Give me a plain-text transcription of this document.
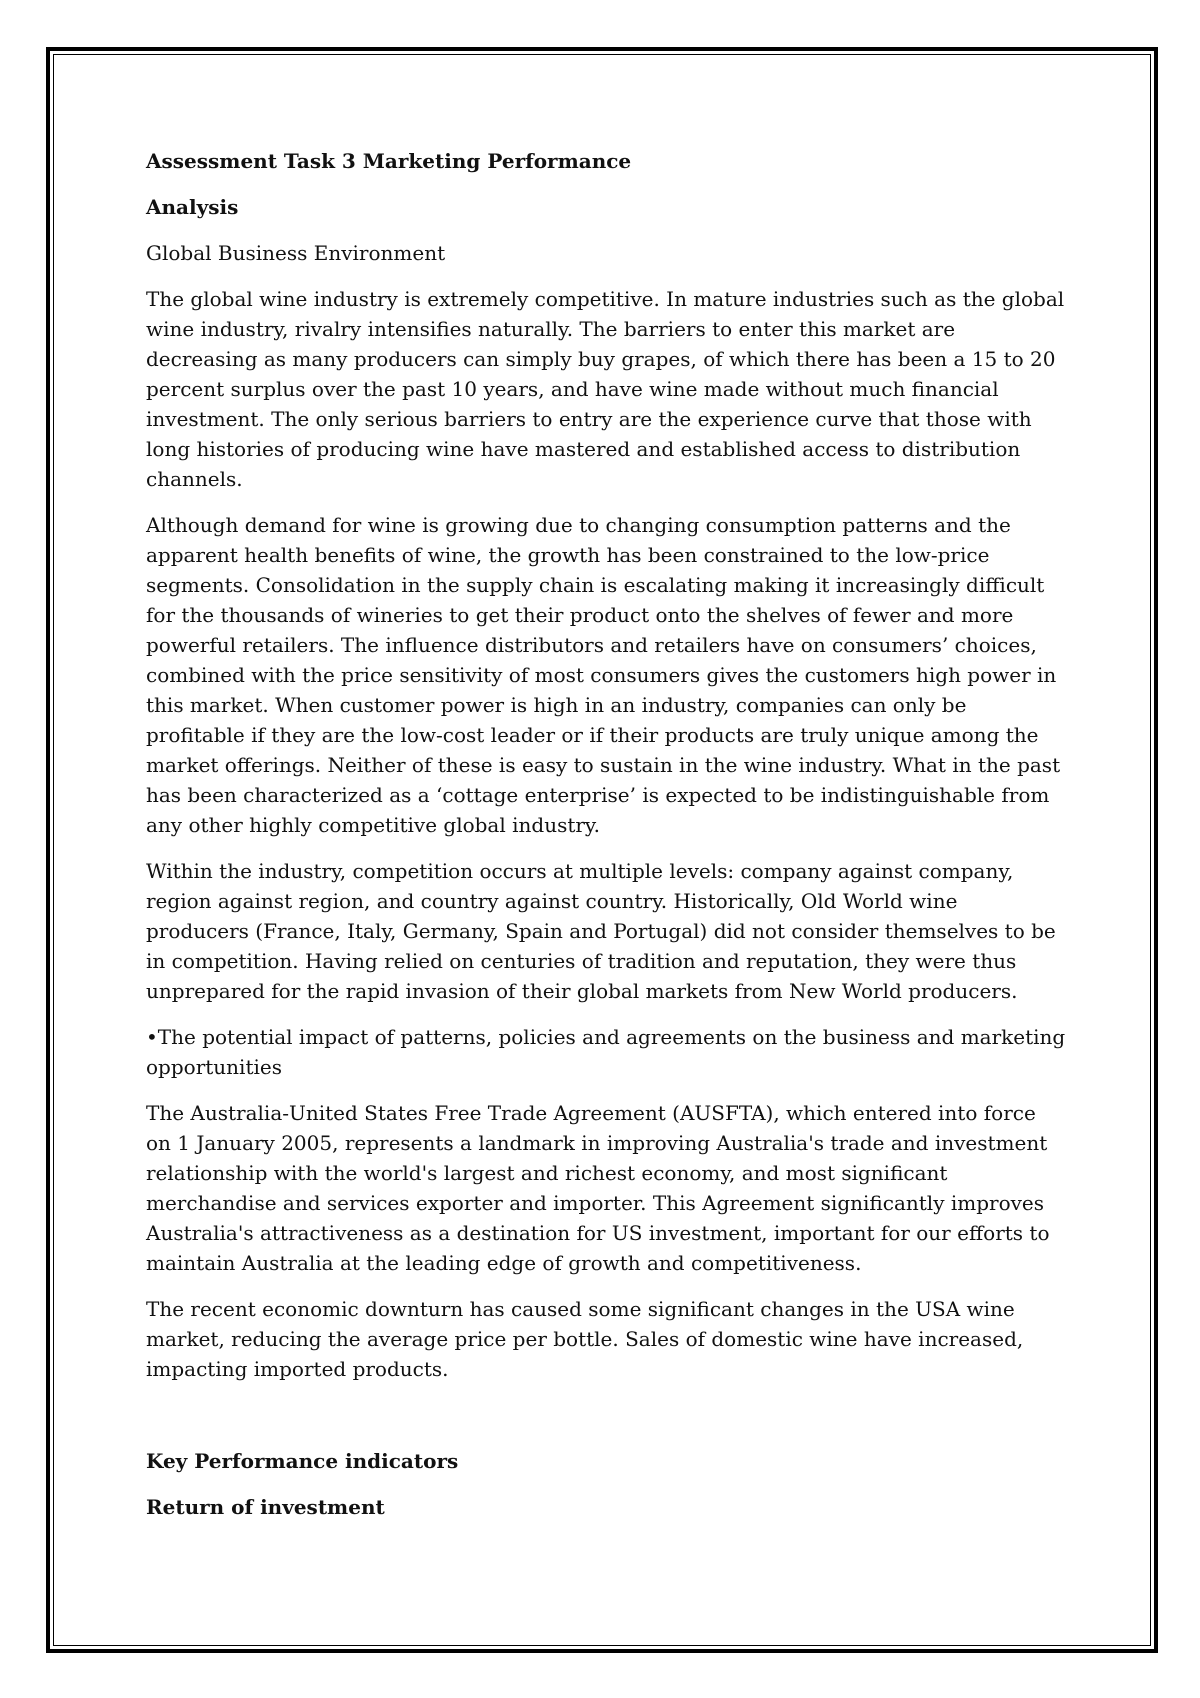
Assessment Task 3 Marketing Performance

Analysis

Global Business Environment

The global wine industry is extremely competitive. In mature industries such as the global wine industry, rivalry intensifies naturally. The barriers to enter this market are decreasing as many producers can simply buy grapes, of which there has been a 15 to 20 percent surplus over the past 10 years, and have wine made without much financial investment. The only serious barriers to entry are the experience curve that those with long histories of producing wine have mastered and established access to distribution channels.

Although demand for wine is growing due to changing consumption patterns and the apparent health benefits of wine, the growth has been constrained to the low-price segments. Consolidation in the supply chain is escalating making it increasingly difficult for the thousands of wineries to get their product onto the shelves of fewer and more powerful retailers. The influence distributors and retailers have on consumers’ choices, combined with the price sensitivity of most consumers gives the customers high power in this market. When customer power is high in an industry, companies can only be profitable if they are the low-cost leader or if their products are truly unique among the market offerings. Neither of these is easy to sustain in the wine industry. What in the past has been characterized as a ‘cottage enterprise’ is expected to be indistinguishable from any other highly competitive global industry.

Within the industry, competition occurs at multiple levels: company against company, region against region, and country against country. Historically, Old World wine producers (France, Italy, Germany, Spain and Portugal) did not consider themselves to be in competition. Having relied on centuries of tradition and reputation, they were thus unprepared for the rapid invasion of their global markets from New World producers.

•The potential impact of patterns, policies and agreements on the business and marketing opportunities

The Australia-United States Free Trade Agreement (AUSFTA), which entered into force on 1 January 2005, represents a landmark in improving Australia's trade and investment relationship with the world's largest and richest economy, and most significant merchandise and services exporter and importer. This Agreement significantly improves Australia's attractiveness as a destination for US investment, important for our efforts to maintain Australia at the leading edge of growth and competitiveness.

The recent economic downturn has caused some significant changes in the USA wine market, reducing the average price per bottle. Sales of domestic wine have increased, impacting imported products.

Key Performance indicators

Return of investment
